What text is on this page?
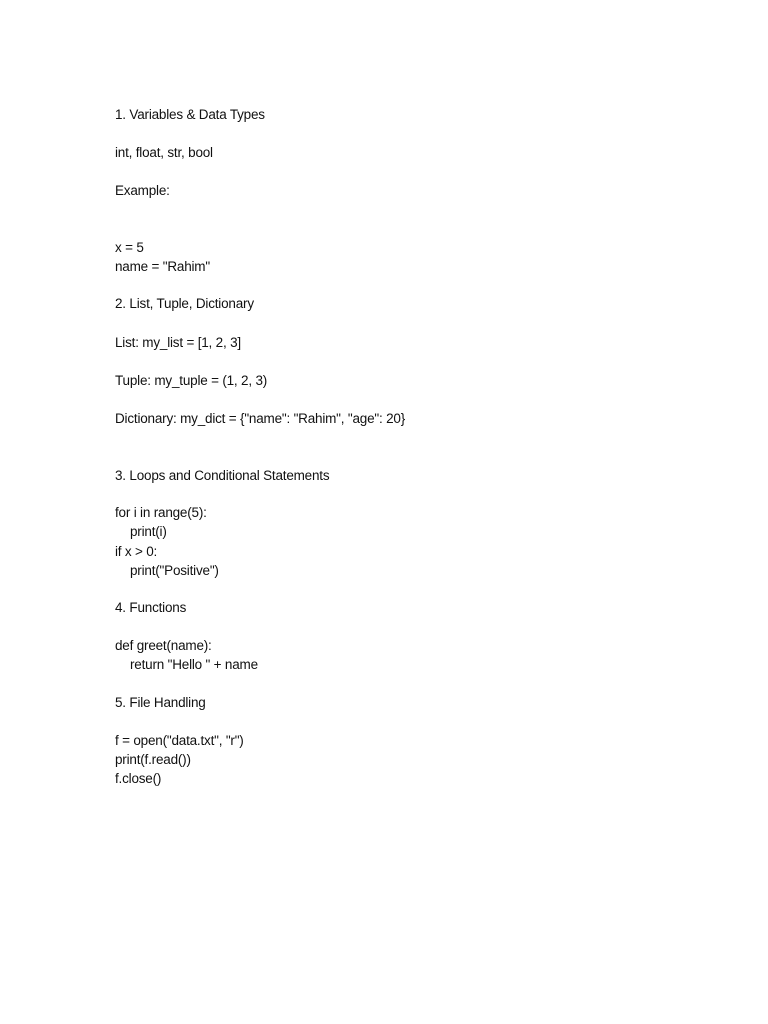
1. Variables & Data Types
int, float, str, bool
Example:
x = 5
name = "Rahim"
2. List, Tuple, Dictionary
List: my_list = [1, 2, 3]
Tuple: my_tuple = (1, 2, 3)
Dictionary: my_dict = {"name": "Rahim", "age": 20}
3. Loops and Conditional Statements
for i in range(5):
print(i)
if x > 0:
print("Positive")
4. Functions
def greet(name):
return "Hello " + name
5. File Handling
f = open("data.txt", "r")
print(f.read())
f.close()
